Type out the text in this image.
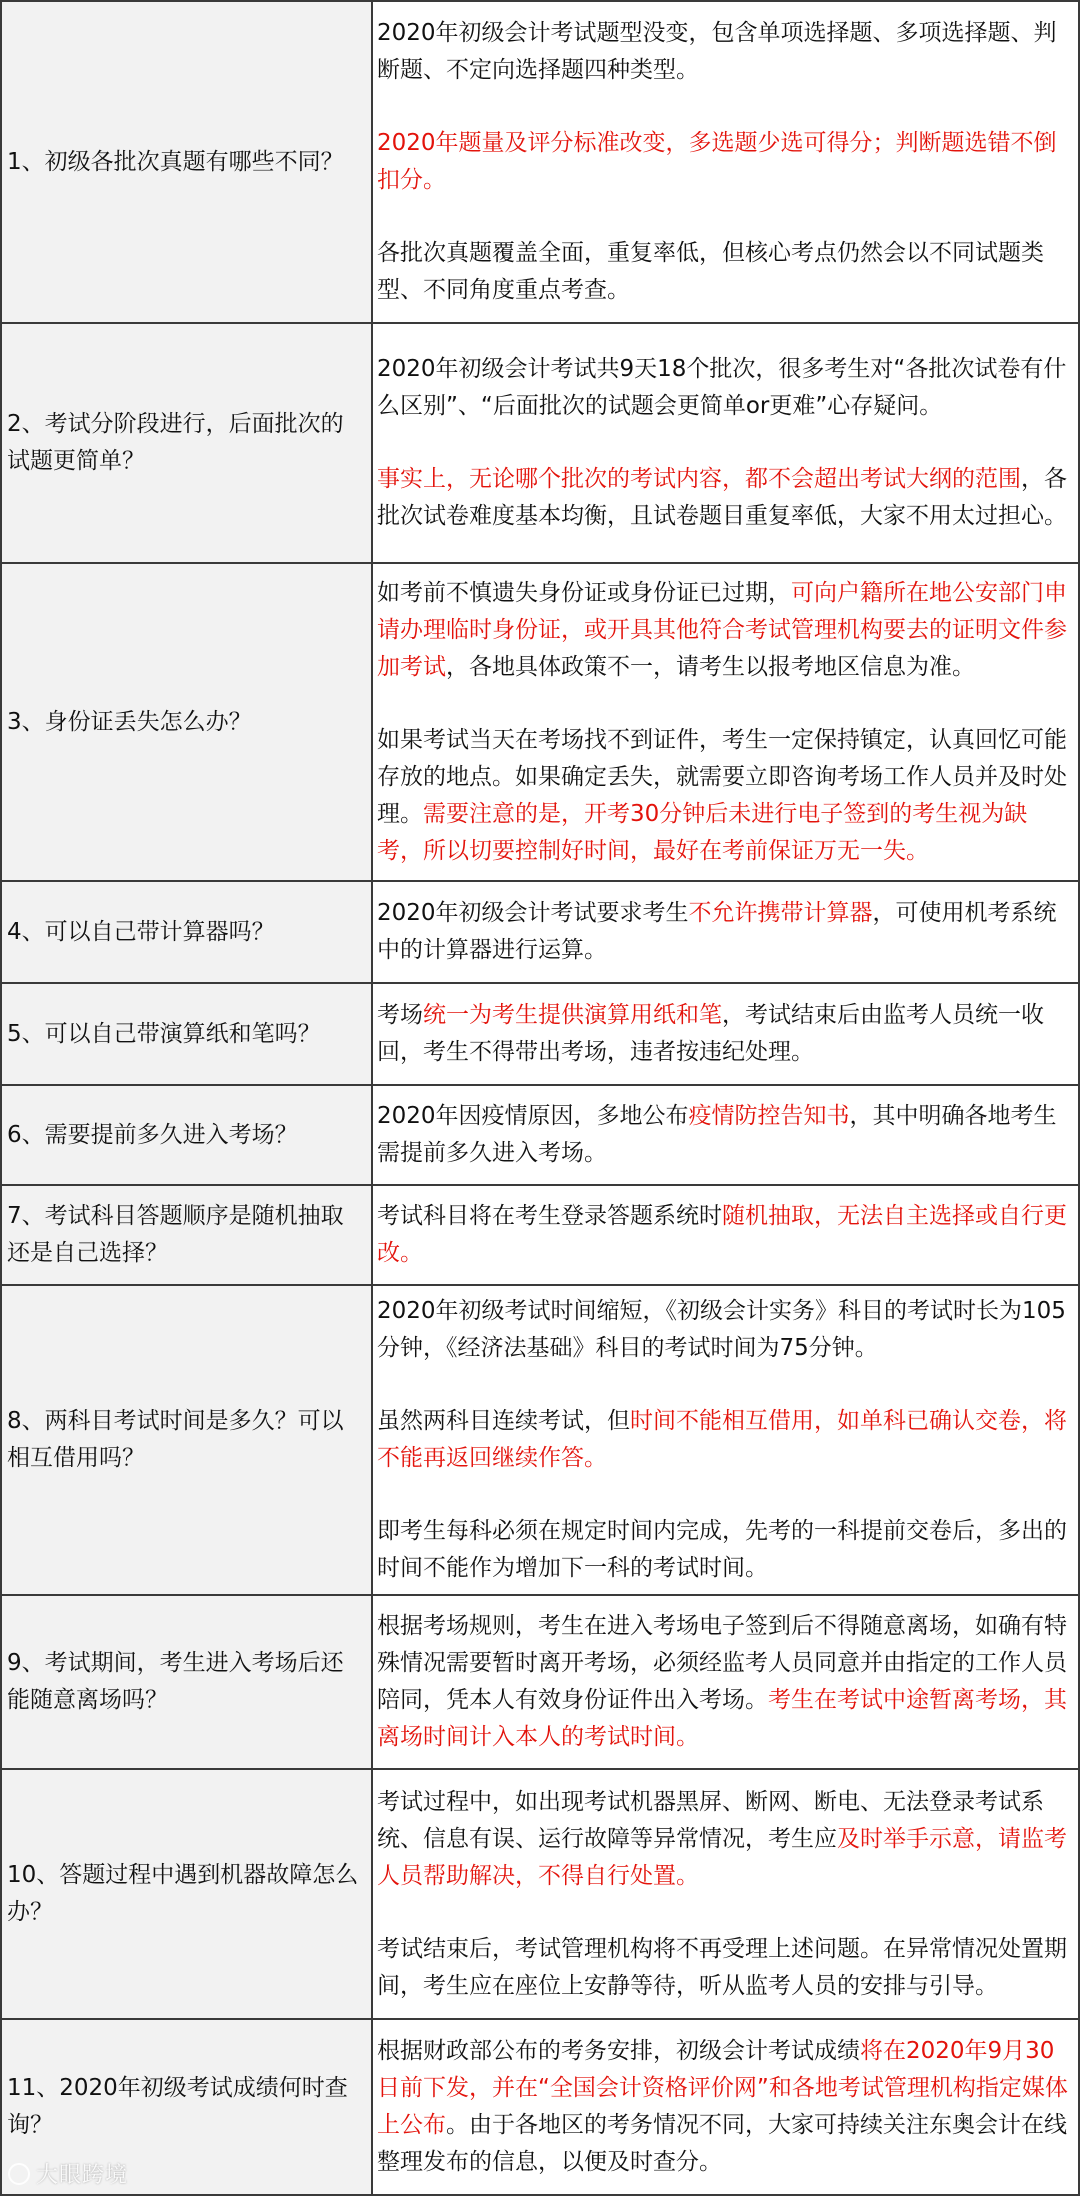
1、初级各批次真题有哪些不同？	2020年初级会计考试题型没变，包含单项选择题、多项选择题、判断题、不定向选择题四种类型。

2020年题量及评分标准改变，多选题少选可得分；判断题选错不倒扣分。

各批次真题覆盖全面，重复率低，但核心考点仍然会以不同试题类型、不同角度重点考查。

2、考试分阶段进行，后面批次的试题更简单？	2020年初级会计考试共9天18个批次，很多考生对“各批次试卷有什么区别”、“后面批次的试题会更简单or更难”心存疑问。

事实上，无论哪个批次的考试内容，都不会超出考试大纲的范围，各批次试卷难度基本均衡，且试卷题目重复率低，大家不用太过担心。

3、身份证丢失怎么办？	如考前不慎遗失身份证或身份证已过期，可向户籍所在地公安部门申请办理临时身份证，或开具其他符合考试管理机构要去的证明文件参加考试，各地具体政策不一，请考生以报考地区信息为准。

如果考试当天在考场找不到证件，考生一定保持镇定，认真回忆可能存放的地点。如果确定丢失，就需要立即咨询考场工作人员并及时处理。需要注意的是，开考30分钟后未进行电子签到的考生视为缺考，所以切要控制好时间，最好在考前保证万无一失。

4、可以自己带计算器吗？	2020年初级会计考试要求考生不允许携带计算器，可使用机考系统中的计算器进行运算。

5、可以自己带演算纸和笔吗？	考场统一为考生提供演算用纸和笔，考试结束后由监考人员统一收回，考生不得带出考场，违者按违纪处理。

6、需要提前多久进入考场？	2020年因疫情原因，多地公布疫情防控告知书，其中明确各地考生需提前多久进入考场。

7、考试科目答题顺序是随机抽取还是自己选择？	考试科目将在考生登录答题系统时随机抽取，无法自主选择或自行更改。

8、两科目考试时间是多久？可以相互借用吗？	2020年初级考试时间缩短，《初级会计实务》科目的考试时长为105分钟，《经济法基础》科目的考试时间为75分钟。

虽然两科目连续考试，但时间不能相互借用，如单科已确认交卷，将不能再返回继续作答。

即考生每科必须在规定时间内完成，先考的一科提前交卷后，多出的时间不能作为增加下一科的考试时间。

9、考试期间，考生进入考场后还能随意离场吗？	根据考场规则，考生在进入考场电子签到后不得随意离场，如确有特殊情况需要暂时离开考场，必须经监考人员同意并由指定的工作人员陪同，凭本人有效身份证件出入考场。考生在考试中途暂离考场，其离场时间计入本人的考试时间。

10、答题过程中遇到机器故障怎么办？	考试过程中，如出现考试机器黑屏、断网、断电、无法登录考试系统、信息有误、运行故障等异常情况，考生应及时举手示意，请监考人员帮助解决，不得自行处置。

考试结束后，考试管理机构将不再受理上述问题。在异常情况处置期间，考生应在座位上安静等待，听从监考人员的安排与引导。

11、2020年初级考试成绩何时查询？	根据财政部公布的考务安排，初级会计考试成绩将在2020年9月30日前下发，并在“全国会计资格评价网”和各地考试管理机构指定媒体上公布。由于各地区的考务情况不同，大家可持续关注东奥会计在线整理发布的信息，以便及时查分。

大眼跨境
